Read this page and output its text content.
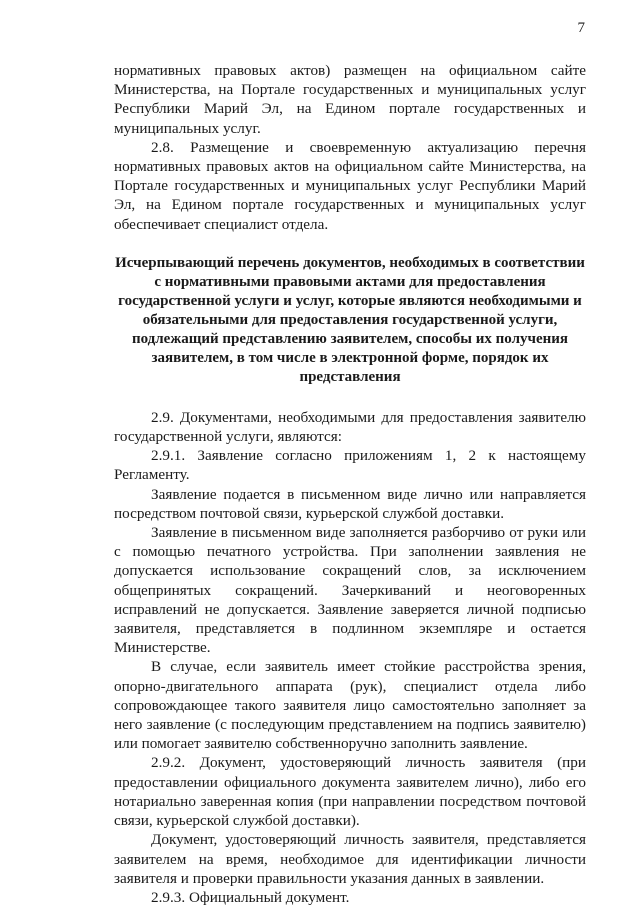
7

нормативных правовых актов) размещен на официальном сайте Министерства, на Портале государственных и муниципальных услуг Республики Марий Эл, на Едином портале государственных и муниципальных услуг.

2.8. Размещение и своевременную актуализацию перечня нормативных правовых актов на официальном сайте Министерства, на Портале государственных и муниципальных услуг Республики Марий Эл, на Едином портале государственных и муниципальных услуг обеспечивает специалист отдела.

Исчерпывающий перечень документов, необходимых в соответствии с нормативными правовыми актами для предоставления государственной услуги и услуг, которые являются необходимыми и обязательными для предоставления государственной услуги, подлежащий представлению заявителем, способы их получения заявителем, в том числе в электронной форме, порядок их представления

2.9. Документами, необходимыми для предоставления заявителю государственной услуги, являются:

2.9.1. Заявление согласно приложениям 1, 2 к настоящему Регламенту.

Заявление подается в письменном виде лично или направляется посредством почтовой связи, курьерской службой доставки.

Заявление в письменном виде заполняется разборчиво от руки или с помощью печатного устройства. При заполнении заявления не допускается использование сокращений слов, за исключением общепринятых сокращений. Зачеркиваний и неоговоренных исправлений не допускается. Заявление заверяется личной подписью заявителя, представляется в подлинном экземпляре и остается Министерстве.

В случае, если заявитель имеет стойкие расстройства зрения, опорно-двигательного аппарата (рук), специалист отдела либо сопровождающее такого заявителя лицо самостоятельно заполняет за него заявление (с последующим представлением на подпись заявителю) или помогает заявителю собственноручно заполнить заявление.

2.9.2. Документ, удостоверяющий личность заявителя (при предоставлении официального документа заявителем лично), либо его нотариально заверенная копия (при направлении посредством почтовой связи, курьерской службой доставки).

Документ, удостоверяющий личность заявителя, представляется заявителем на время, необходимое для идентификации личности заявителя и проверки правильности указания данных в заявлении.

2.9.3. Официальный документ.
